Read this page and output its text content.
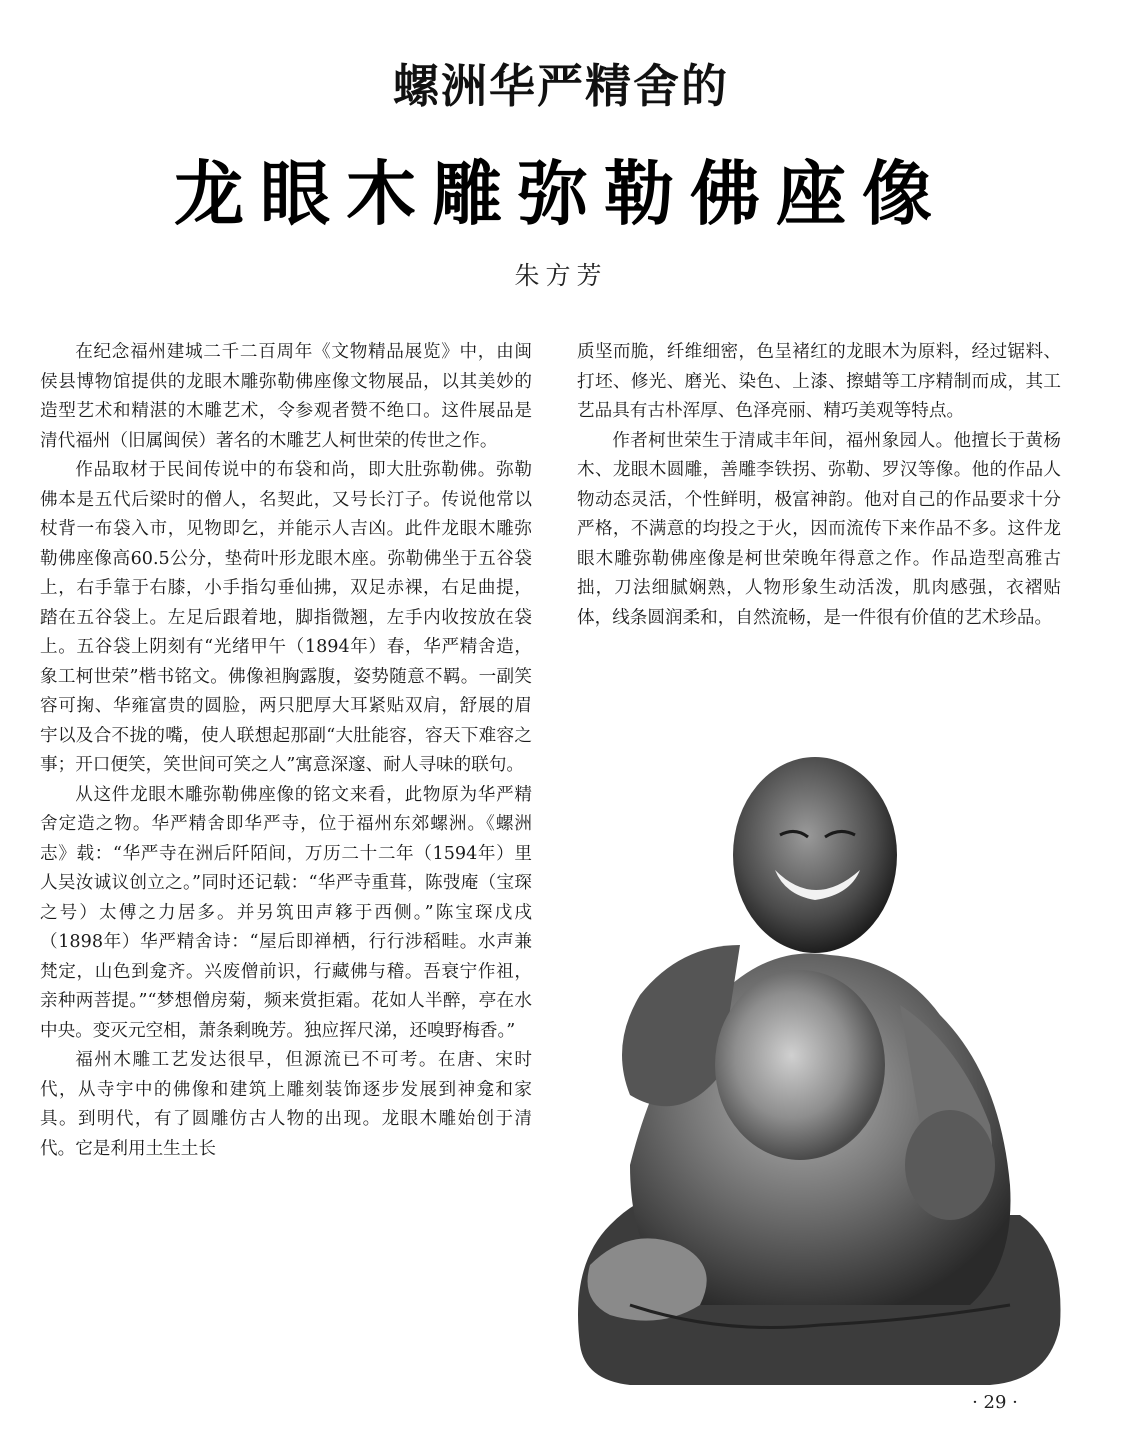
螺洲华严精舍的
龙眼木雕弥勒佛座像
朱方芳

在纪念福州建城二千二百周年《文物精品展览》中，由闽侯县博物馆提供的龙眼木雕弥勒佛座像文物展品，以其美妙的造型艺术和精湛的木雕艺术，令参观者赞不绝口。这件展品是清代福州（旧属闽侯）著名的木雕艺人柯世荣的传世之作。

作品取材于民间传说中的布袋和尚，即大肚弥勒佛。弥勒佛本是五代后梁时的僧人，名契此，又号长汀子。传说他常以杖背一布袋入市，见物即乞，并能示人吉凶。此件龙眼木雕弥勒佛座像高60.5公分，垫荷叶形龙眼木座。弥勒佛坐于五谷袋上，右手靠于右膝，小手指勾垂仙拂，双足赤裸，右足曲提，踏在五谷袋上。左足后跟着地，脚指微翘，左手内收按放在袋上。五谷袋上阴刻有“光绪甲午（1894年）春，华严精舍造，象工柯世荣”楷书铭文。佛像袒胸露腹，姿势随意不羁。一副笑容可掬、华雍富贵的圆脸，两只肥厚大耳紧贴双肩，舒展的眉宇以及合不拢的嘴，使人联想起那副“大肚能容，容天下难容之事；开口便笑，笑世间可笑之人”寓意深邃、耐人寻味的联句。

从这件龙眼木雕弥勒佛座像的铭文来看，此物原为华严精舍定造之物。华严精舍即华严寺，位于福州东郊螺洲。《螺洲志》载：“华严寺在洲后阡陌间，万历二十二年（1594年）里人吴汝诚议创立之。”同时还记载：“华严寺重葺，陈弢庵（宝琛之号）太傅之力居多。并另筑田声簃于西侧。”陈宝琛戊戌（1898年）华严精舍诗：“屋后即禅栖，行行涉稻畦。水声兼梵定，山色到龛齐。兴废僧前识，行藏佛与稽。吾衰宁作祖，亲种两菩提。”“梦想僧房菊，频来赏拒霜。花如人半醉，亭在水中央。变灭元空相，萧条剩晚芳。独应挥尺涕，还嗅野梅香。”

福州木雕工艺发达很早，但源流已不可考。在唐、宋时代，从寺宇中的佛像和建筑上雕刻装饰逐步发展到神龛和家具。到明代，有了圆雕仿古人物的出现。龙眼木雕始创于清代。它是利用土生土长

质坚而脆，纤维细密，色呈褚红的龙眼木为原料，经过锯料、打坯、修光、磨光、染色、上漆、擦蜡等工序精制而成，其工艺品具有古朴浑厚、色泽亮丽、精巧美观等特点。

作者柯世荣生于清咸丰年间，福州象园人。他擅长于黄杨木、龙眼木圆雕，善雕李铁拐、弥勒、罗汉等像。他的作品人物动态灵活，个性鲜明，极富神韵。他对自己的作品要求十分严格，不满意的均投之于火，因而流传下来作品不多。这件龙眼木雕弥勒佛座像是柯世荣晚年得意之作。作品造型高雅古拙，刀法细腻娴熟，人物形象生动活泼，肌肉感强，衣褶贴体，线条圆润柔和，自然流畅，是一件很有价值的艺术珍品。

· 29 ·
